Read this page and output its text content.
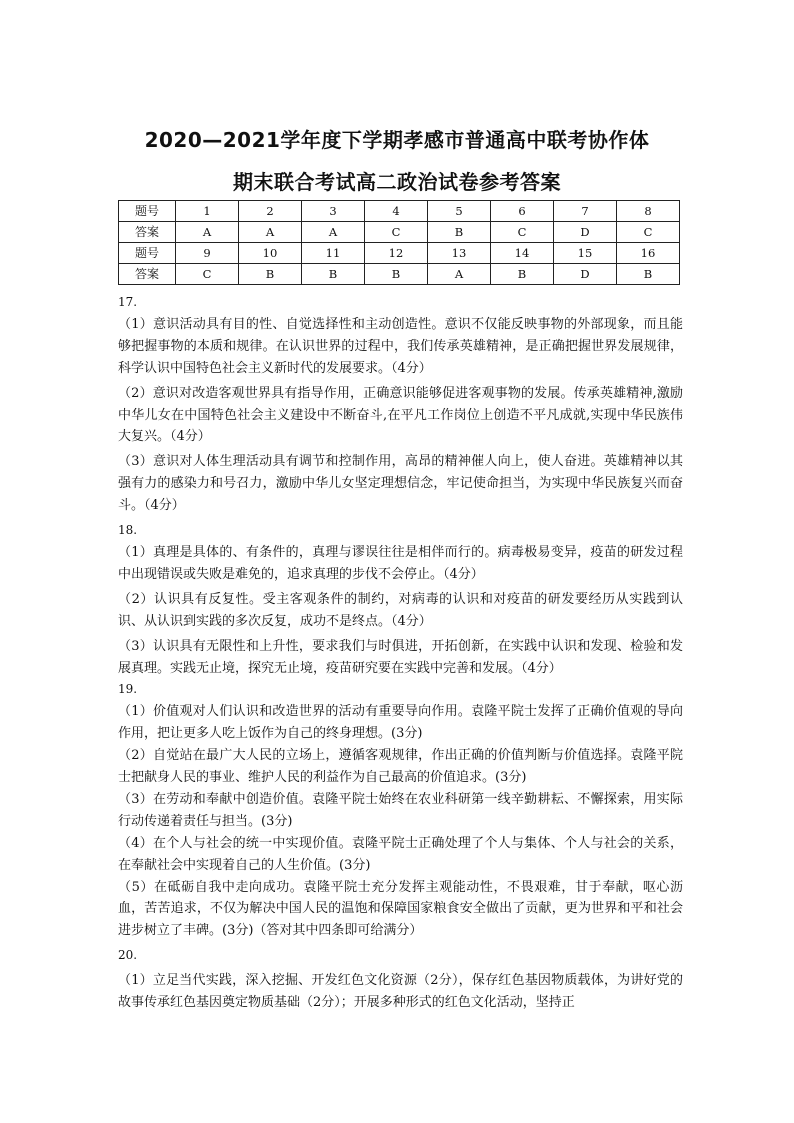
2020—2021学年度下学期孝感市普通高中联考协作体
期末联合考试高二政治试卷参考答案
题号	1	2	3	4	5	6	7	8
答案	A	A	A	C	B	C	D	C
题号	9	10	11	12	13	14	15	16
答案	C	B	B	B	A	B	D	B

17.

（1）意识活动具有目的性、自觉选择性和主动创造性。意识不仅能反映事物的外部现象，而且能够把握事物的本质和规律。在认识世界的过程中，我们传承英雄精神，是正确把握世界发展规律，科学认识中国特色社会主义新时代的发展要求。（4分）

（2）意识对改造客观世界具有指导作用，正确意识能够促进客观事物的发展。传承英雄精神,激励中华儿女在中国特色社会主义建设中不断奋斗,在平凡工作岗位上创造不平凡成就,实现中华民族伟大复兴。（4分）

（3）意识对人体生理活动具有调节和控制作用，高昂的精神催人向上，使人奋进。英雄精神以其强有力的感染力和号召力，激励中华儿女坚定理想信念，牢记使命担当，为实现中华民族复兴而奋斗。（4分）

18.

（1）真理是具体的、有条件的，真理与谬误往往是相伴而行的。病毒极易变异，疫苗的研发过程中出现错误或失败是难免的，追求真理的步伐不会停止。（4分）

（2）认识具有反复性。受主客观条件的制约，对病毒的认识和对疫苗的研发要经历从实践到认识、从认识到实践的多次反复，成功不是终点。（4分）

（3）认识具有无限性和上升性，要求我们与时俱进，开拓创新，在实践中认识和发现、检验和发展真理。实践无止境，探究无止境，疫苗研究要在实践中完善和发展。（4分）

19.

（1）价值观对人们认识和改造世界的活动有重要导向作用。袁隆平院士发挥了正确价值观的导向作用，把让更多人吃上饭作为自己的终身理想。(3分)

（2）自觉站在最广大人民的立场上，遵循客观规律，作出正确的价值判断与价值选择。袁隆平院士把献身人民的事业、维护人民的利益作为自己最高的价值追求。(3分)

（3）在劳动和奉献中创造价值。袁隆平院士始终在农业科研第一线辛勤耕耘、不懈探索，用实际行动传递着责任与担当。(3分)

（4）在个人与社会的统一中实现价值。袁隆平院士正确处理了个人与集体、个人与社会的关系，在奉献社会中实现着自己的人生价值。(3分)

（5）在砥砺自我中走向成功。袁隆平院士充分发挥主观能动性，不畏艰难，甘于奉献，呕心沥血，苦苦追求，不仅为解决中国人民的温饱和保障国家粮食安全做出了贡献，更为世界和平和社会进步树立了丰碑。(3分)（答对其中四条即可给满分）

20.

（1）立足当代实践，深入挖掘、开发红色文化资源（2分），保存红色基因物质载体，为讲好党的故事传承红色基因奠定物质基础（2分）；开展多种形式的红色文化活动，坚持正
